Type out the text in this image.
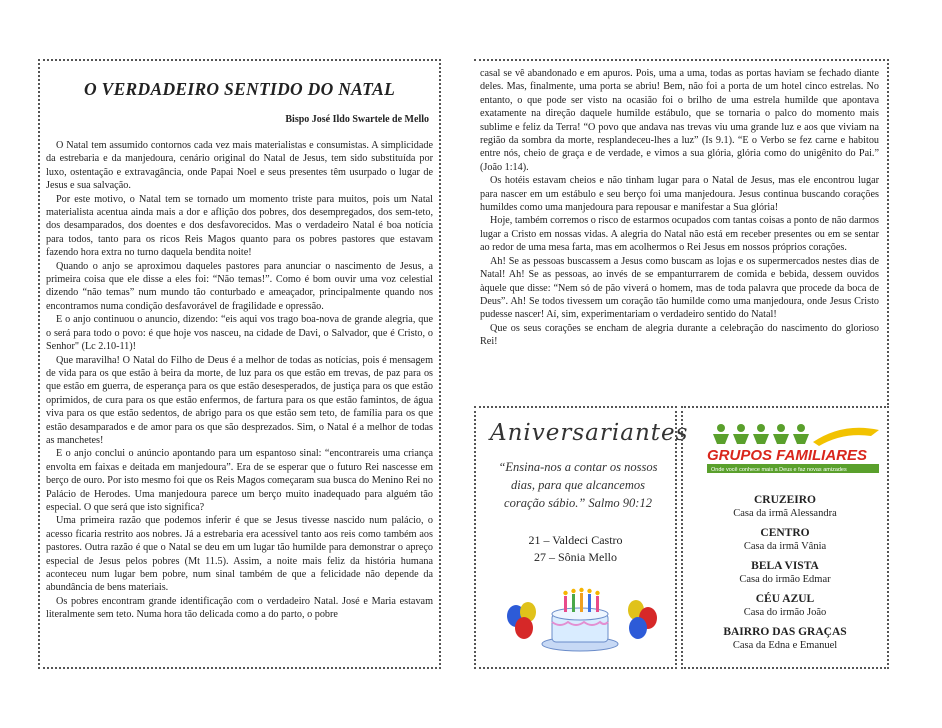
O VERDADEIRO SENTIDO DO NATAL
Bispo José Ildo Swartele de Mello

O Natal tem assumido contornos cada vez mais materialistas e consumistas. A simplicidade da estrebaria e da manjedoura, cenário original do Natal de Jesus, tem sido substituída por luxo, ostentação e extravagância, onde Papai Noel e seus presentes têm usurpado o lugar de Jesus e sua salvação.

Por este motivo, o Natal tem se tornado um momento triste para muitos, pois um Natal materialista acentua ainda mais a dor e aflição dos pobres, dos desempregados, dos sem-teto, dos desamparados, dos doentes e dos desfavorecidos. Mas o verdadeiro Natal é boa notícia para todos, tanto para os ricos Reis Magos quanto para os pobres pastores que estavam fazendo hora extra no turno daquela bendita noite!

Quando o anjo se aproximou daqueles pastores para anunciar o nascimento de Jesus, a primeira coisa que ele disse a eles foi: “Não temas!”. Como é bom ouvir uma voz celestial dizendo “não temas” num mundo tão conturbado e ameaçador, principalmente quando nos encontramos numa condição desfavorável de fragilidade e opressão.

E o anjo continuou o anuncio, dizendo: “eis aqui vos trago boa-nova de grande alegria, que o será para todo o povo: é que hoje vos nasceu, na cidade de Davi, o Salvador, que é Cristo, o Senhor" (Lc 2.10-11)!

Que maravilha! O Natal do Filho de Deus é a melhor de todas as notícias, pois é mensagem de vida para os que estão à beira da morte, de luz para os que estão em trevas, de paz para os que estão em guerra, de esperança para os que estão desesperados, de justiça para os que estão oprimidos, de cura para os que estão enfermos, de fartura para os que estão famintos, de água viva para os que estão sedentos, de abrigo para os que estão sem teto, de família para os que estão desamparados e de amor para os que são desprezados. Sim, o Natal é a melhor de todas as manchetes!

E o anjo conclui o anúncio apontando para um espantoso sinal: “encontrareis uma criança envolta em faixas e deitada em manjedoura”. Era de se esperar que o futuro Rei nascesse em berço de ouro. Por isto mesmo foi que os Reis Magos começaram sua busca do Menino Rei no Palácio de Herodes. Uma manjedoura parece um berço muito inadequado para alguém tão especial. O que será que isto significa?

Uma primeira razão que podemos inferir é que se Jesus tivesse nascido num palácio, o acesso ficaria restrito aos nobres. Já a estrebaria era acessível tanto aos reis como também aos pastores. Outra razão é que o Natal se deu em um lugar tão humilde para demonstrar o apreço especial de Jesus pelos pobres (Mt 11.5). Assim, a noite mais feliz da história humana aconteceu num lugar bem pobre, num sinal também de que a felicidade não depende da abundância de bens materiais.

Os pobres encontram grande identificação com o verdadeiro Natal. José e Maria estavam literalmente sem teto. Numa hora tão delicada como a do parto, o pobre

casal se vê abandonado e em apuros. Pois, uma a uma, todas as portas haviam se fechado diante deles. Mas, finalmente, uma porta se abriu! Bem, não foi a porta de um hotel cinco estrelas. No entanto, o que pode ser visto na ocasião foi o brilho de uma estrela humilde que apontava exatamente na direção daquele humilde estábulo, que se tornaria o palco do momento mais sublime e feliz da Terra! “O povo que andava nas trevas viu uma grande luz e aos que viviam na região da sombra da morte, resplandeceu-lhes a luz” (Is 9.1). “E o Verbo se fez carne e habitou entre nós, cheio de graça e de verdade, e vimos a sua glória, glória como do unigênito do Pai.” (João 1:14).

Os hotéis estavam cheios e não tinham lugar para o Natal de Jesus, mas ele encontrou lugar para nascer em um estábulo e seu berço foi uma manjedoura. Jesus continua buscando corações humildes como uma manjedoura para repousar e manifestar a Sua glória!

Hoje, também corremos o risco de estarmos ocupados com tantas coisas a ponto de não darmos lugar a Cristo em nossas vidas. A alegria do Natal não está em receber presentes ou em se sentar ao redor de uma mesa farta, mas em acolhermos o Rei Jesus em nossos próprios corações.

Ah! Se as pessoas buscassem a Jesus como buscam as lojas e os supermercados nestes dias de Natal! Ah! Se as pessoas, ao invés de se empanturrarem de comida e bebida, dessem ouvidos àquele que disse: “Nem só de pão viverá o homem, mas de toda palavra que procede da boca de Deus”. Ah! Se todos tivessem um coração tão humilde como uma manjedoura, onde Jesus Cristo pudesse nascer! Aí, sim, experimentariam o verdadeiro sentido do Natal!

Que os seus corações se encham de alegria durante a celebração do nascimento do glorioso Rei!

Aniversariantes
“Ensina-nos a contar os nossos
dias, para que alcancemos
coração sábio.” Salmo 90:12
21 – Valdeci Castro
27 – Sônia Mello
GRUPOS FAMILIARES
Onde você conhece mais a Deus e faz novas amizades
CRUZEIRO
Casa da irmã Alessandra
CENTRO
Casa da irmã Vânia
BELA VISTA
Casa do irmão Edmar
CÉU AZUL
Casa do irmão João
BAIRRO DAS GRAÇAS
Casa da Edna e Emanuel
